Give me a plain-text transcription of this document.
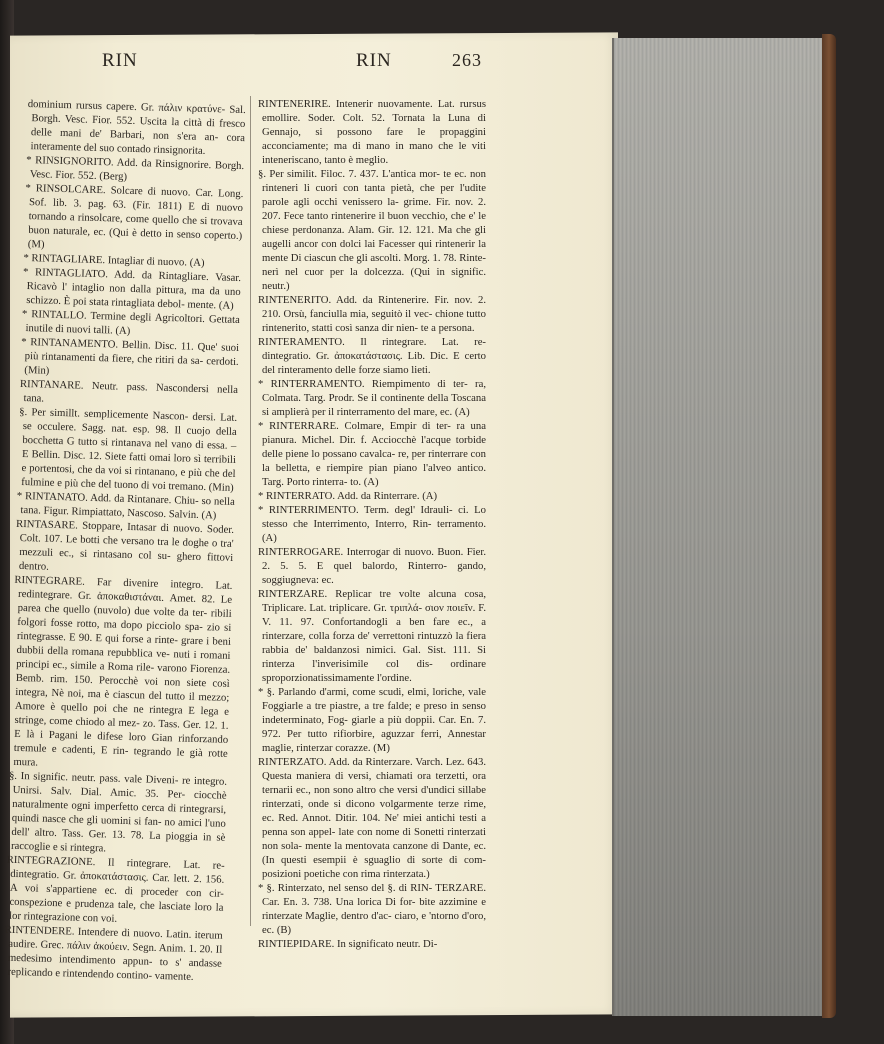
RIN	RIN	263
dominium rursus capere. Gr. πάλιν κρατύνε- Sal. Borgh. Vesc. Fior. 552. Uscita la città di fresco delle mani de' Barbari, non s'era an- cora interamente del suo contado rinsignorita.
* RINSIGNORITO. Add. da Rinsignorire. Borgh. Vesc. Fior. 552. (Berg)
* RINSOLCARE. Solcare di nuovo. Car. Long. Sof. lib. 3. pag. 63. (Fir. 1811) E di nuovo tornando a rinsolcare, come quello che si trovava buon naturale, ec. (Qui è detto in senso coperto.) (M)
* RINTAGLIARE. Intagliar di nuovo. (A)
* RINTAGLIATO. Add. da Rintagliare. Vasar. Ricavò l' intaglio non dalla pittura, ma da uno schizzo. È poi stata rintagliata debol- mente. (A)
* RINTALLO. Termine degli Agricoltori. Gettata inutile di nuovi talli. (A)
* RINTANAMENTO. Bellin. Disc. 11. Que' suoi più rintanamenti da fiere, che ritiri da sa- cerdoti. (Min)
RINTANARE. Neutr. pass. Nascondersi nella tana.
§. Per simillt. semplicemente Nascon- dersi. Lat. se occulere. Sagg. nat. esp. 98. Il cuojo della bocchetta G tutto si rintanava nel vano di essa. – E Bellin. Disc. 12. Siete fatti omai loro sì terribili e portentosi, che da voi si rintanano, e più che del fulmine e più che del tuono di voi tremano. (Min)
* RINTANATO. Add. da Rintanare. Chiu- so nella tana. Figur. Rimpiattato, Nascoso. Salvin. (A)
RINTASARE. Stoppare, Intasar di nuovo. Soder. Colt. 107. Le botti che versano tra le doghe o tra' mezzuli ec., si rintasano col su- ghero fittovi dentro.
RINTEGRARE. Far divenire integro. Lat. redintegrare. Gr. ἀποκαθιστάναι. Amet. 82. Le parea che quello (nuvolo) due volte da ter- ribili folgori fosse rotto, ma dopo picciolo spa- zio si rintegrasse. E 90. E qui forse a rinte- grare i beni dubbii della romana repubblica ve- nuti i romani principi ec., simile a Roma rile- varono Fiorenza. Bemb. rim. 150. Perocchè voi non siete così integra, Nè noi, ma è ciascun del tutto il mezzo; Amore è quello poi che ne rintegra E lega e stringe, come chiodo al mez- zo. Tass. Ger. 12. 1. E là i Pagani le difese loro Gian rinforzando tremule e cadenti, E rin- tegrando le già rotte mura.
§. In signific. neutr. pass. vale Diveni- re integro. Unirsi. Salv. Dial. Amic. 35. Per- ciocchè naturalmente ogni imperfetto cerca di rintegrarsi, quindi nasce che gli uomini si fan- no amici l'uno dell' altro. Tass. Ger. 13. 78. La pioggia in sè raccoglie e si rintegra.
RINTEGRAZIONE. Il rintegrare. Lat. re- dintegratio. Gr. ἀποκατάστασις. Car. lett. 2. 156. A voi s'appartiene ec. di proceder con cir- conspezione e prudenza tale, che lasciate loro la lor rintegrazione con voi.
RINTENDERE. Intendere di nuovo. Latin. iterum audire. Grec. πάλιν ἀκούειν. Segn. Anim. 1. 20. Il medesimo intendimento appun- to s' andasse replicando e rintendendo contino- vamente.
RINTENERIRE. Intenerir nuovamente. Lat. rursus emollire. Soder. Colt. 52. Tornata la Luna di Gennajo, si possono fare le propaggini acconciamente; ma di mano in mano che le viti inteneriscano, tanto è meglio.
§. Per similit. Filoc. 7. 437. L'antica mor- te ec. non rinteneri li cuori con tanta pietà, che per l'udite parole agli occhi venissero la- grime. Fir. nov. 2. 207. Fece tanto rintenerire il buon vecchio, che e' le chiese perdonanza. Alam. Gir. 12. 121. Ma che gli augelli ancor con dolci lai Facesser qui rintenerir la mente Di ciascun che gli ascolti. Morg. 1. 78. Rinte- nerì nel cuor per la dolcezza. (Qui in signific. neutr.)
RINTENERITO. Add. da Rintenerire. Fir. nov. 2. 210. Orsù, fanciulla mia, seguitò il vec- chione tutto rintenerito, statti così sanza dir nien- te a persona.
RINTERAMENTO. Il rintegrare. Lat. re- dintegratio. Gr. ἀποκατάστασις. Lib. Dic. E certo del rinteramento delle forze siamo lieti.
* RINTERRAMENTO. Riempimento di ter- ra, Colmata. Targ. Prodr. Se il continente della Toscana si amplierà per il rinterramento del mare, ec. (A)
* RINTERRARE. Colmare, Empir di ter- ra una pianura. Michel. Dir. f. Acciocchè l'acque torbide delle piene lo possano cavalca- re, per rinterrare con la belletta, e riempire pian piano l'alveo antico. Targ. Porto rinterra- to. (A)
* RINTERRATO. Add. da Rinterrare. (A)
* RINTERRIMENTO. Term. degl' Idrauli- ci. Lo stesso che Interrimento, Interro, Rin- terramento. (A)
RINTERROGARE. Interrogar di nuovo. Buon. Fier. 2. 5. 5. E quel balordo, Rinterro- gando, soggiugneva: ec.
RINTERZARE. Replicar tre volte alcuna cosa, Triplicare. Lat. triplicare. Gr. τριπλά- σιον ποιεῖν. F. V. 11. 97. Confortandogli a ben fare ec., a rinterzare, colla forza de' verrettoni rintuzzò la fiera rabbia de' baldanzosi nimici. Gal. Sist. 111. Si rinterza l'inverisimile col dis- ordinare sproporzionatissimamente l'ordine.
* §. Parlando d'armi, come scudi, elmi, loriche, vale Foggiarle a tre piastre, a tre falde; e preso in senso indeterminato, Fog- giarle a più doppii. Car. En. 7. 972. Per tutto rifiorbire, aguzzar ferri, Annestar maglie, rinterzar corazze. (M)
RINTERZATO. Add. da Rinterzare. Varch. Lez. 643. Questa maniera di versi, chiamati ora terzetti, ora ternarii ec., non sono altro che versi d'undici sillabe rinterzati, onde si dicono volgarmente terze rime, ec. Red. Annot. Ditir. 104. Ne' miei antichi testi a penna son appel- late con nome di Sonetti rinterzati non sola- mente la mentovata canzone di Dante, ec. (In questi esempii è sguaglio di sorte di com- posizioni poetiche con rima rinterzata.)
* §. Rinterzato, nel senso del §. di RIN- TERZARE. Car. En. 3. 738. Una lorica Di for- bite azzimine e rinterzate Maglie, dentro d'ac- ciaro, e 'ntorno d'oro, ec. (B)
RINTIEPIDARE. In significato neutr. Di-
